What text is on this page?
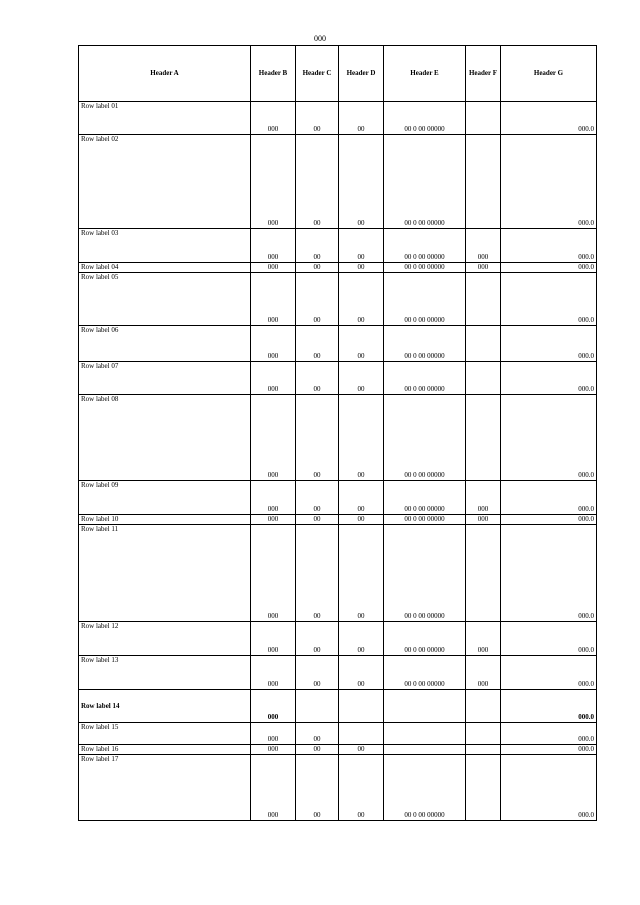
000
Header A	Header B	Header C	Header D	Header E	Header F	Header G
Row label 01	000	00	00	00 0 00 00000		000.0
Row label 02	000	00	00	00 0 00 00000		000.0
Row label 03	000	00	00	00 0 00 00000	000	000.0
Row label 04	000	00	00	00 0 00 00000	000	000.0
Row label 05	000	00	00	00 0 00 00000		000.0
Row label 06	000	00	00	00 0 00 00000		000.0
Row label 07	000	00	00	00 0 00 00000		000.0
Row label 08	000	00	00	00 0 00 00000		000.0
Row label 09	000	00	00	00 0 00 00000	000	000.0
Row label 10	000	00	00	00 0 00 00000	000	000.0
Row label 11	000	00	00	00 0 00 00000		000.0
Row label 12	000	00	00	00 0 00 00000	000	000.0
Row label 13	000	00	00	00 0 00 00000	000	000.0
Row label 14	000					000.0
Row label 15	000	00				000.0
Row label 16	000	00	00			000.0
Row label 17	000	00	00	00 0 00 00000		000.0
